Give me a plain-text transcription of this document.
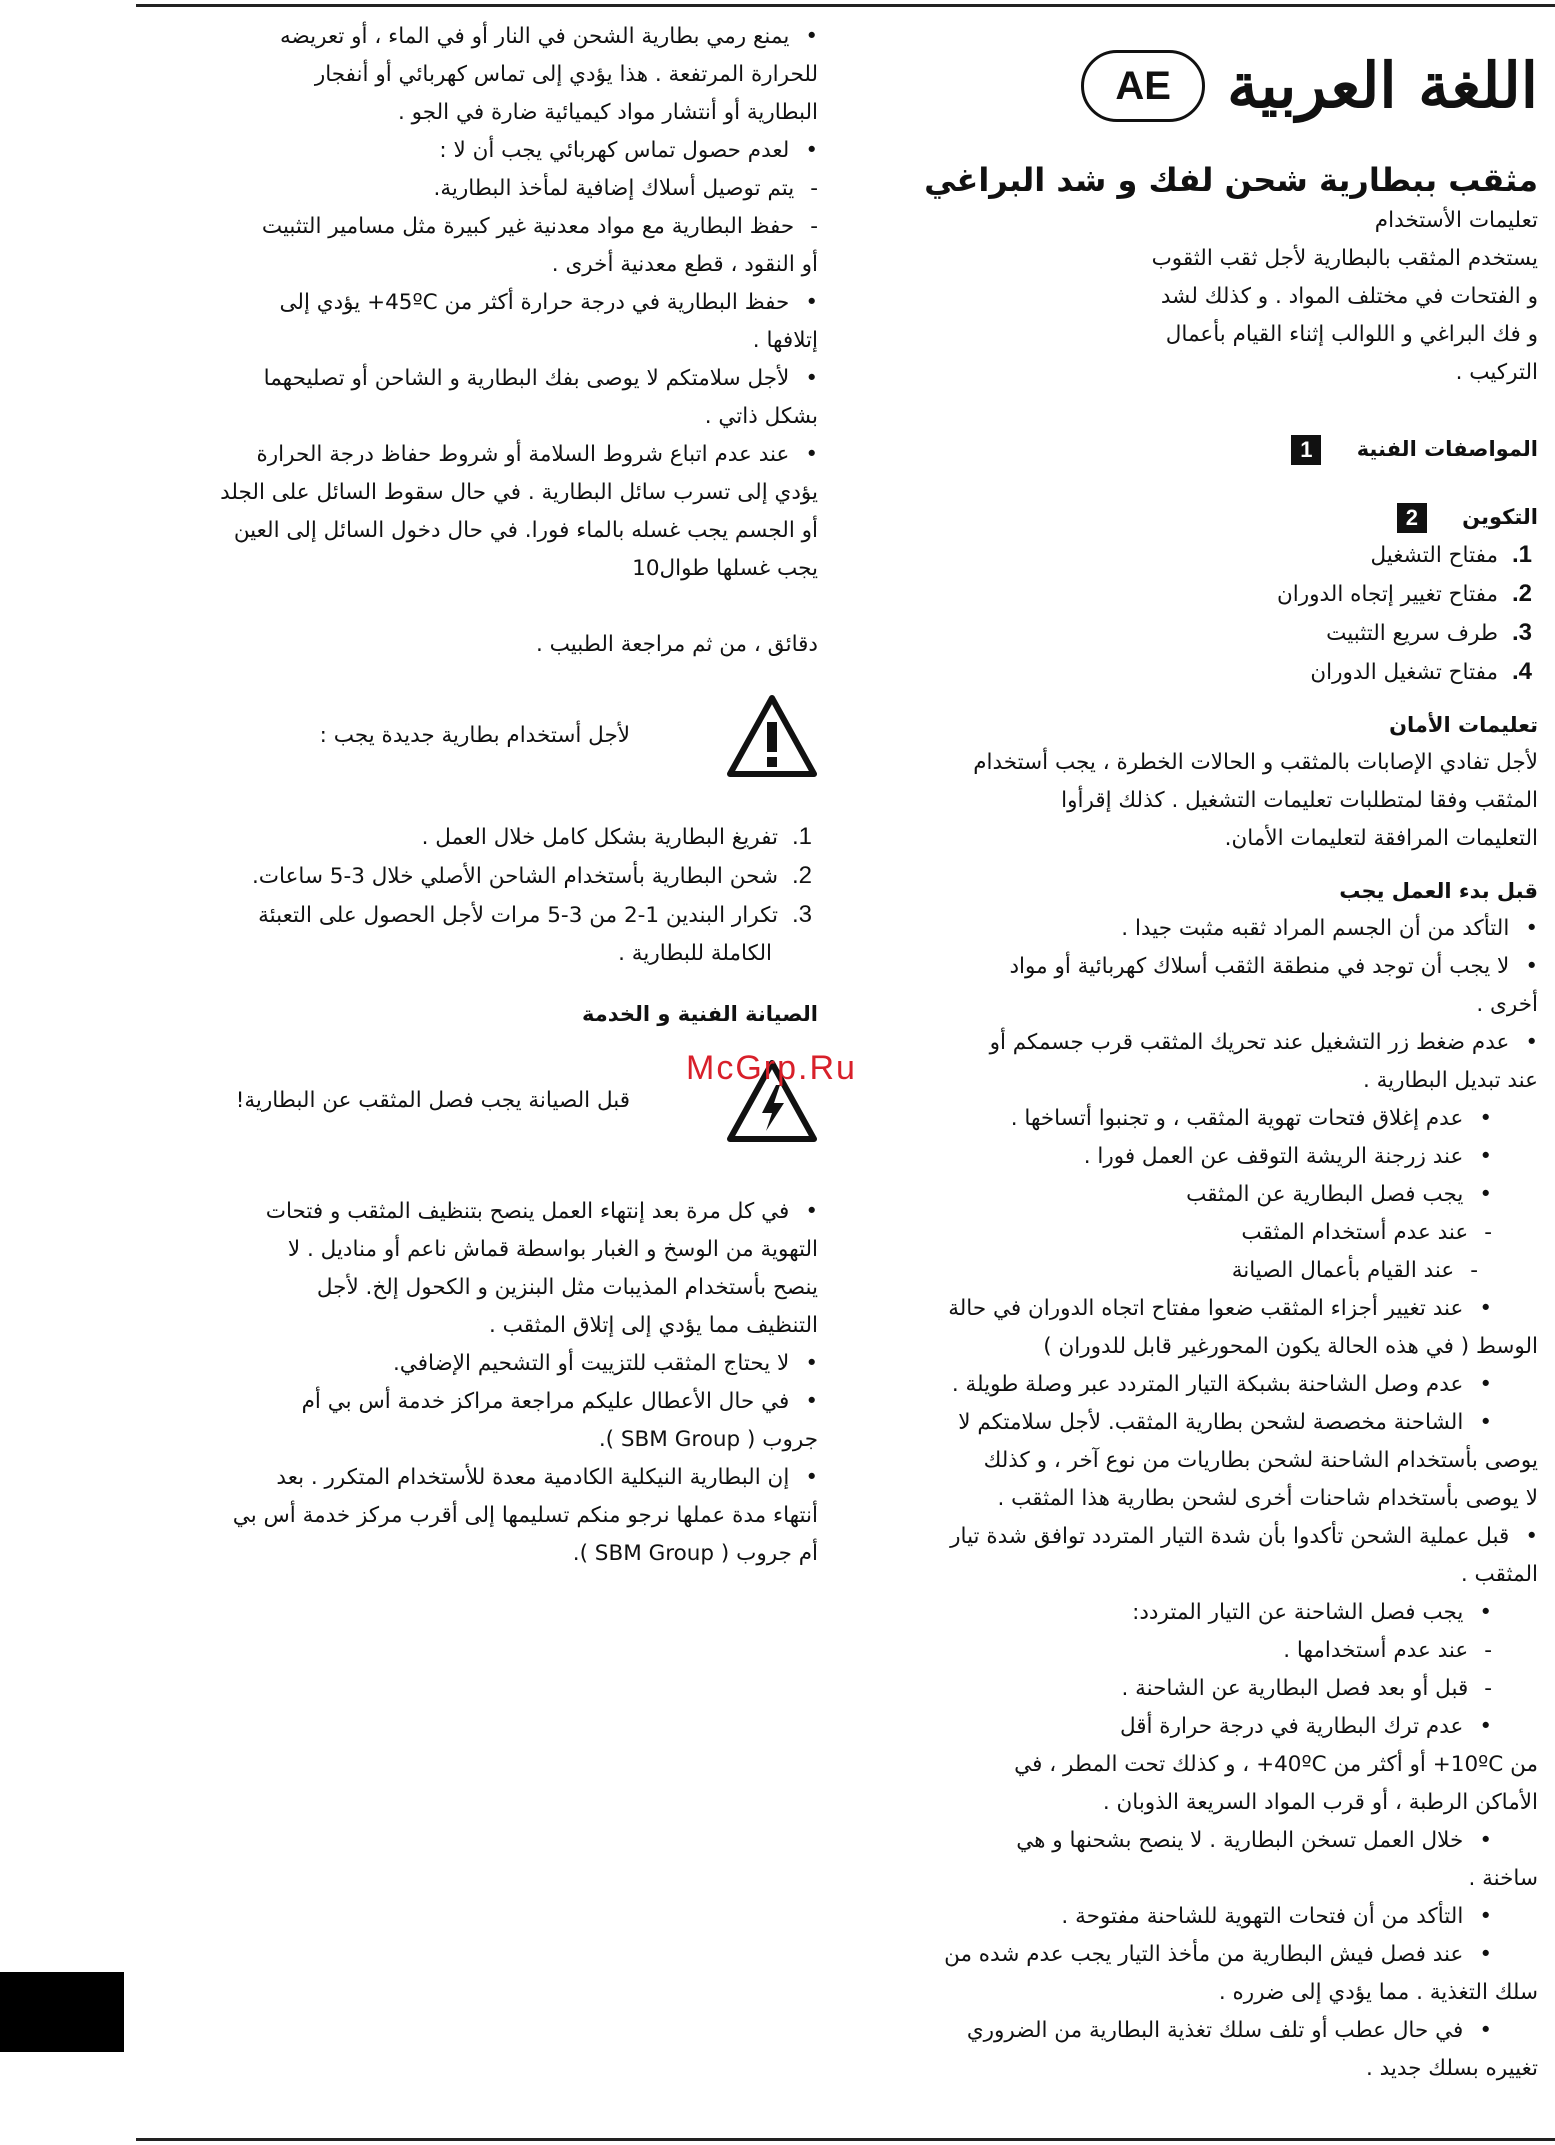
اللغة العربية
AE
مثقب ببطارية شحن لفك و شد البراغي

تعليمات الأستخدام

يستخدم المثقب بالبطارية لأجل ثقب الثقوب

و الفتحات في مختلف المواد . و كذلك لشد

و فك البراغي و اللوالب إثناء القيام بأعمال

التركيب .

المواصفات الفنية 1

التكوين 2

1.مفتاح التشغيل
2.مفتاح تغيير إتجاه الدوران
3.طرف سريع التثبيت
4.مفتاح تشغيل الدوران

تعليمات الأمان

لأجل تفادي الإصابات بالمثقب و الحالات الخطرة ، يجب أستخدام

المثقب وفقا لمتطلبات تعليمات التشغيل . كذلك إقرأوا

التعليمات المرافقة لتعليمات الأمان.

قبل بدء العمل يجب

• التأكد من أن الجسم المراد ثقبه مثبت جيدا .

• لا يجب أن توجد في منطقة الثقب أسلاك كهربائية أو مواد

أخرى .

• عدم ضغط زر التشغيل عند تحريك المثقب قرب جسمكم أو

عند تبديل البطارية .

• عدم إغلاق فتحات تهوية المثقب ، و تجنبوا أتساخها .

• عند زرجنة الريشة التوقف عن العمل فورا .

• يجب فصل البطارية عن المثقب

- عند عدم أستخدام المثقب

- عند القيام بأعمال الصيانة

• عند تغيير أجزاء المثقب ضعوا مفتاح اتجاه الدوران في حالة

الوسط ( في هذه الحالة يكون المحورغير قابل للدوران )

• عدم وصل الشاحنة بشبكة التيار المتردد عبر وصلة طويلة .

• الشاحنة مخصصة لشحن بطارية المثقب. لأجل سلامتكم لا

يوصى بأستخدام الشاحنة لشحن بطاريات من نوع آخر ، و كذلك

لا يوصى بأستخدام شاحنات أخرى لشحن بطارية هذا المثقب .

• قبل عملية الشحن تأكدوا بأن شدة التيار المتردد توافق شدة تيار

المثقب .

• يجب فصل الشاحنة عن التيار المتردد:

- عند عدم أستخدامها .

- قبل أو بعد فصل البطارية عن الشاحنة .

• عدم ترك البطارية في درجة حرارة أقل

من 10ºC+ أو أكثر من 40ºC+ ، و كذلك تحت المطر ، في

الأماكن الرطبة ، أو قرب المواد السريعة الذوبان .

• خلال العمل تسخن البطارية . لا ينصح بشحنها و هي

ساخنة .

• التأكد من أن فتحات التهوية للشاحنة مفتوحة .

• عند فصل فيش البطارية من مأخذ التيار يجب عدم شده من

سلك التغذية . مما يؤدي إلى ضرره .

• في حال عطب أو تلف سلك تغذية البطارية من الضروري

تغييره بسلك جديد .

• يمنع رمي بطارية الشحن في النار أو في الماء ، أو تعريضه

للحرارة المرتفعة . هذا يؤدي إلى تماس كهربائي أو أنفجار

البطارية أو أنتشار مواد كيميائية ضارة في الجو .

• لعدم حصول تماس كهربائي يجب أن لا :

- يتم توصيل أسلاك إضافية لمأخذ البطارية.

- حفظ البطارية مع مواد معدنية غير كبيرة مثل مسامير التثبيت

أو النقود ، قطع معدنية أخرى .

• حفظ البطارية في درجة حرارة أكثر من 45ºC+ يؤدي إلى

إتلافها .

• لأجل سلامتكم لا يوصى بفك البطارية و الشاحن أو تصليحهما

بشكل ذاتي .

• عند عدم اتباع شروط السلامة أو شروط حفاظ درجة الحرارة

يؤدي إلى تسرب سائل البطارية . في حال سقوط السائل على الجلد

أو الجسم يجب غسله بالماء فورا. في حال دخول السائل إلى العين

يجب غسلها طوال10

دقائق ، من ثم مراجعة الطبيب .

لأجل أستخدام بطارية جديدة يجب :
1.تفريغ البطارية بشكل كامل خلال العمل .
2.شحن البطارية بأستخدام الشاحن الأصلي خلال 3-5 ساعات.
3.تكرار البندين 1-2 من 3-5 مرات لأجل الحصول على التعبئة

الكاملة للبطارية .

الصيانة الفنية و الخدمة

قبل الصيانة يجب فصل المثقب عن البطارية!

• في كل مرة بعد إنتهاء العمل ينصح بتنظيف المثقب و فتحات

التهوية من الوسخ و الغبار بواسطة قماش ناعم أو مناديل . لا

ينصح بأستخدام المذيبات مثل البنزين و الكحول إلخ. لأجل

التنظيف مما يؤدي إلى إتلاق المثقب .

• لا يحتاج المثقب للتزييت أو التشحيم الإضافي.

• في حال الأعطال عليكم مراجعة مراكز خدمة أس بي أم

جروب ( SBM Group ).

• إن البطارية النيكلية الكادمية معدة للأستخدام المتكرر . بعد

أنتهاء مدة عملها نرجو منكم تسليمها إلى أقرب مركز خدمة أس بي

أم جروب ( SBM Group ).

McGrp.Ru
